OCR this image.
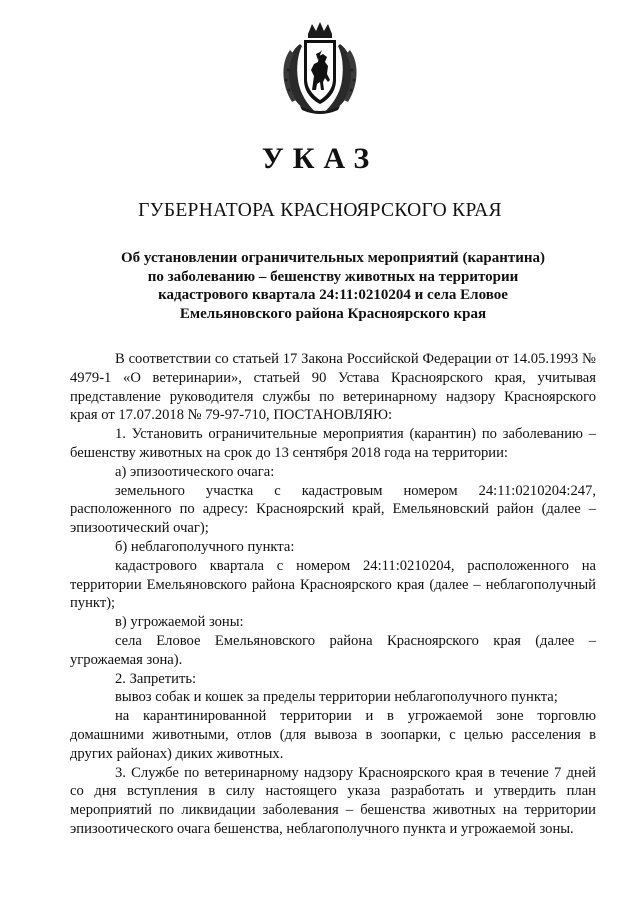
УКАЗ
ГУБЕРНАТОРА КРАСНОЯРСКОГО КРАЯ
Об установлении ограничительных мероприятий (карантина)
по заболеванию – бешенству животных на территории
кадастрового квартала 24:11:0210204 и села Еловое
Емельяновского района Красноярского края

В соответствии со статьей 17 Закона Российской Федерации от 14.05.1993 № 4979-1 «О ветеринарии», статьей 90 Устава Красноярского края, учитывая представление руководителя службы по ветеринарному надзору Красноярского края от 17.07.2018 № 79-97-710, ПОСТАНОВЛЯЮ:

1. Установить ограничительные мероприятия (карантин) по заболеванию – бешенству животных на срок до 13 сентября 2018 года на территории:

а) эпизоотического очага:

земельного участка с кадастровым номером 24:11:0210204:247, расположенного по адресу: Красноярский край, Емельяновский район (далее – эпизоотический очаг);

б) неблагополучного пункта:

кадастрового квартала с номером 24:11:0210204, расположенного на территории Емельяновского района Красноярского края (далее – неблагополучный пункт);

в) угрожаемой зоны:

села Еловое Емельяновского района Красноярского края (далее – угрожаемая зона).

2. Запретить:

вывоз собак и кошек за пределы территории неблагополучного пункта;

на карантинированной территории и в угрожаемой зоне торговлю домашними животными, отлов (для вывоза в зоопарки, с целью расселения в других районах) диких животных.

3. Службе по ветеринарному надзору Красноярского края в течение 7 дней со дня вступления в силу настоящего указа разработать и утвердить план мероприятий по ликвидации заболевания – бешенства животных на территории эпизоотического очага бешенства, неблагополучного пункта и угрожаемой зоны.
